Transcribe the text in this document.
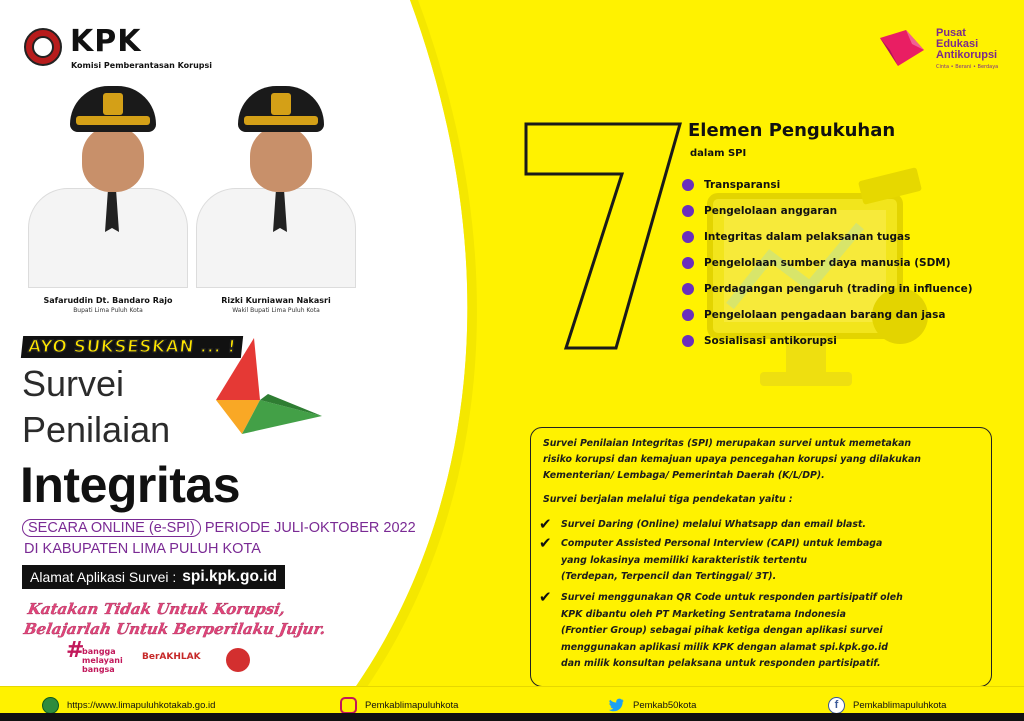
KPK
Komisi Pemberantasan Korupsi
Safaruddin Dt. Bandaro Rajo
Bupati Lima Puluh Kota
Rizki Kurniawan Nakasri
Wakil Bupati Lima Puluh Kota
AYO SUKSESKAN ... !
Survei
Penilaian
Integritas
SECARA ONLINE (e-SPI) PERIODE JULI-OKTOBER 2022
DI KABUPATEN LIMA PULUH KOTA
Alamat Aplikasi Survei : spi.kpk.go.id
Katakan Tidak Untuk Korupsi,
Belajarlah Untuk Berperilaku Jujur.
#
bangga
melayani
bangsa
BerAKHLAK
Pusat
Edukasi
Antikorupsi
Cinta • Berani • Berdaya
7
Elemen Pengukuhan
dalam SPI
Transparansi
Pengelolaan anggaran
Integritas dalam pelaksanan tugas
Pengelolaan sumber daya manusia (SDM)
Perdagangan pengaruh (trading in influence)
Pengelolaan pengadaan barang dan jasa
Sosialisasi antikorupsi

Survei Penilaian Integritas (SPI) merupakan survei untuk memetakan

risiko korupsi dan kemajuan upaya pencegahan korupsi yang dilakukan

Kementerian/ Lembaga/ Pemerintah Daerah (K/L/DP).

Survei berjalan melalui tiga pendekatan yaitu :

✔ Survei Daring (Online) melalui Whatsapp dan email blast.
✔ Computer Assisted Personal Interview (CAPI) untuk lembaga
yang lokasinya memiliki karakteristik tertentu
(Terdepan, Terpencil dan Tertinggal/ 3T).
✔ Survei menggunakan QR Code untuk responden partisipatif oleh
KPK dibantu oleh PT Marketing Sentratama Indonesia
(Frontier Group) sebagai pihak ketiga dengan aplikasi survei
menggunakan aplikasi milik KPK dengan alamat spi.kpk.go.id
dan milik konsultan pelaksana untuk responden partisipatif.
https://www.limapuluhkotakab.go.id	Pemkablimapuluhkota	Pemkab50kota	f	Pemkablimapuluhkota
